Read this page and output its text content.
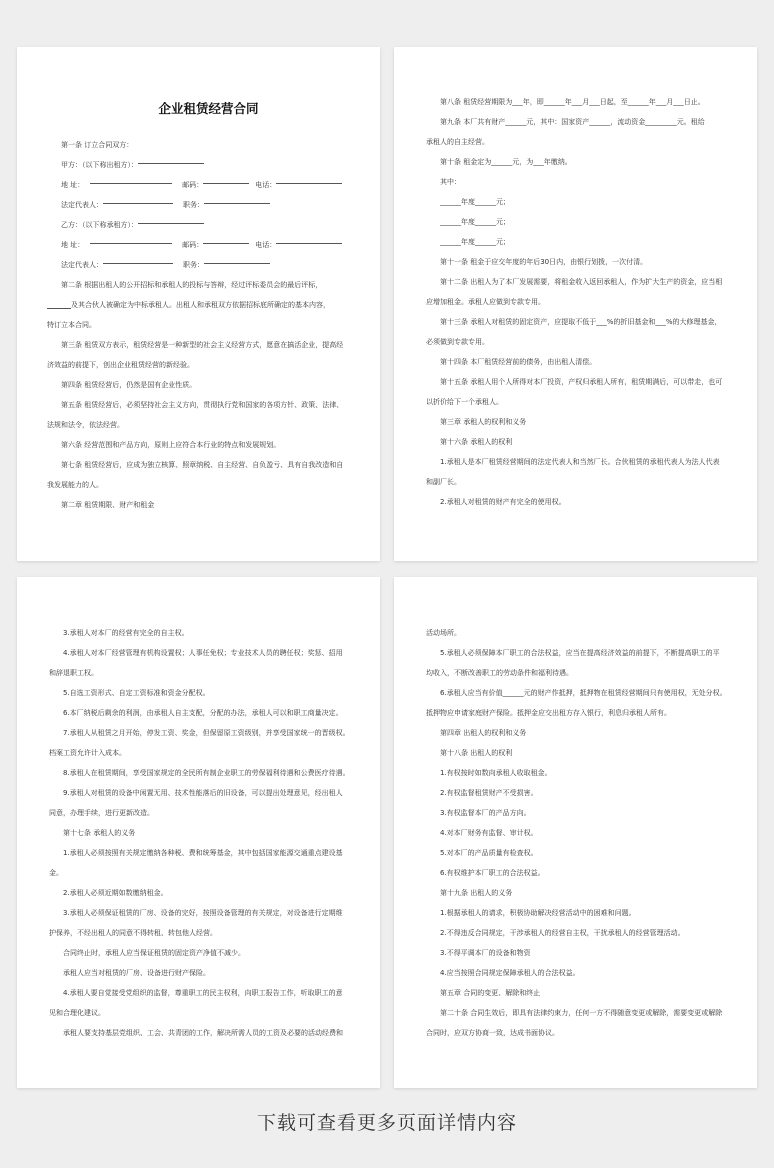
企业租赁经营合同
第一条 订立合同双方：
甲方：（以下称出租方）：
地 址：	邮码：	电话：
法定代表人：	职务：
乙方：（以下称承租方）：
地 址：	邮码：	电话：
法定代表人：	职务：
第二条 根据出租人的公开招标和承租人的投标与答辩，经过评标委员会的最后评标，
及其合伙人被确定为中标承租人。出租人和承租双方依据招标底所确定的基本内容，
特订立本合同。
第三条 租赁双方表示，租赁经营是一种新型的社会主义经营方式，愿意在搞活企业，提高经
济效益的前提下，创出企业租赁经营的新经验。
第四条 租赁经营后，仍然是国有企业性质。
第五条 租赁经营后，必须坚持社会主义方向，贯彻执行党和国家的各项方针、政策、法律、
法规和法令，依法经营。
第六条 经营范围和产品方向，原则上应符合本行业的特点和发展规划。
第七条 租赁经营后，应成为独立核算、照章纳税、自主经营、自负盈亏、具有自我改造和自
我发展能力的人。
第二章 租赁期限、财产和租金
第八条 租赁经营期限为___年，即______年___月___日起，至______年___月___日止。
第九条 本厂共有财产______元，其中：国家资产______，流动资金_________元。租给
承租人的自主经营。
第十条 租金定为______元，为___年缴纳。
其中：
______年度______元；
______年度______元；
______年度______元；
第十一条 租金于应交年度的年后30日内，由银行划拨，一次付清。
第十二条 出租人为了本厂发展需要，将租金收入返回承租人，作为扩大生产的资金，应当相
应增加租金。承租人应做到专款专用。
第十三条 承租人对租赁的固定资产，应提取不低于___%的折旧基金和___%的大修理基金，
必须做到专款专用。
第十四条 本厂租赁经营前的债务，由出租人清偿。
第十五条 承租人用个人所得对本厂投资，产权归承租人所有，租赁期满后，可以带走，也可
以折价给下一个承租人。
第三章 承租人的权利和义务
第十六条 承租人的权利
1.承租人是本厂租赁经营期间的法定代表人和当然厂长。合伙租赁的承租代表人为法人代表
和副厂长。
2.承租人对租赁的财产有完全的使用权。
3.承租人对本厂的经营有完全的自主权。
4.承租人对本厂经营管理有机构设置权；人事任免权；专业技术人员的聘任权；奖惩、招用
和辞退职工权。
5.自选工资形式、自定工资标准和资金分配权。
6.本厂纳税后剩余的利润，由承租人自主支配，分配的办法，承租人可以和职工商量决定。
7.承租人从租赁之月开始，停发工资、奖金，但保留原工资级别，并享受国家统一的晋级权。
档案工资允许计入成本。
8.承租人在租赁期间，享受国家规定的全民所有制企业职工的劳保福利待遇和公费医疗待遇。
9.承租人对租赁的设备中闲置无用、技术性能落后的旧设备，可以提出处理意见，经出租人
同意，办理手续，进行更新改造。
第十七条 承租人的义务
1.承租人必须按照有关规定缴纳各种税、费和统筹基金，其中包括国家能源交通重点建设基
金。
2.承租人必须近期如数缴纳租金。
3.承租人必须保证租赁的厂房、设备的完好，按照设备管理的有关规定，对设备进行定期维
护保养，不经出租人的同意不得转租、转包他人经营。
合同终止时，承租人应当保证租赁的固定资产净值不减少。
承租人应当对租赁的厂房、设备进行财产保险。
4.承租人要自觉接受党组织的监督，尊重职工的民主权利，向职工报告工作，听取职工的意
见和合理化建议。
承租人要支持基层党组织、工会、共青团的工作，解决所需人员的工资及必要的活动经费和
活动场所。
5.承租人必须保障本厂职工的合法权益，应当在提高经济效益的前提下，不断提高职工的平
均收入，不断改善职工的劳动条件和福利待遇。
6.承租人应当有价值______元的财产作抵押，抵押物在租赁经营期间只有使用权，无处分权。
抵押物应申请家庭财产保险。抵押金应交出租方存入银行，利息归承租人所有。
第四章 出租人的权利和义务
第十八条 出租人的权利
1.有权按时如数向承租人收取租金。
2.有权监督租赁财产不受损害。
3.有权监督本厂的产品方向。
4.对本厂财务有监督、审计权。
5.对本厂的产品质量有检查权。
6.有权维护本厂职工的合法权益。
第十九条 出租人的义务
1.根据承租人的请求，积极协助解决经营活动中的困难和问题。
2.不得违反合同规定，干涉承租人的经营自主权，干扰承租人的经营管理活动。
3.不得平调本厂的设备和物资
4.应当按照合同规定保障承租人的合法权益。
第五章 合同的变更、解除和终止
第二十条 合同生效后，即具有法律约束力，任何一方不得随意变更或解除，需要变更或解除
合同时，应双方协商一致，达成书面协议。
下载可查看更多页面详情内容
